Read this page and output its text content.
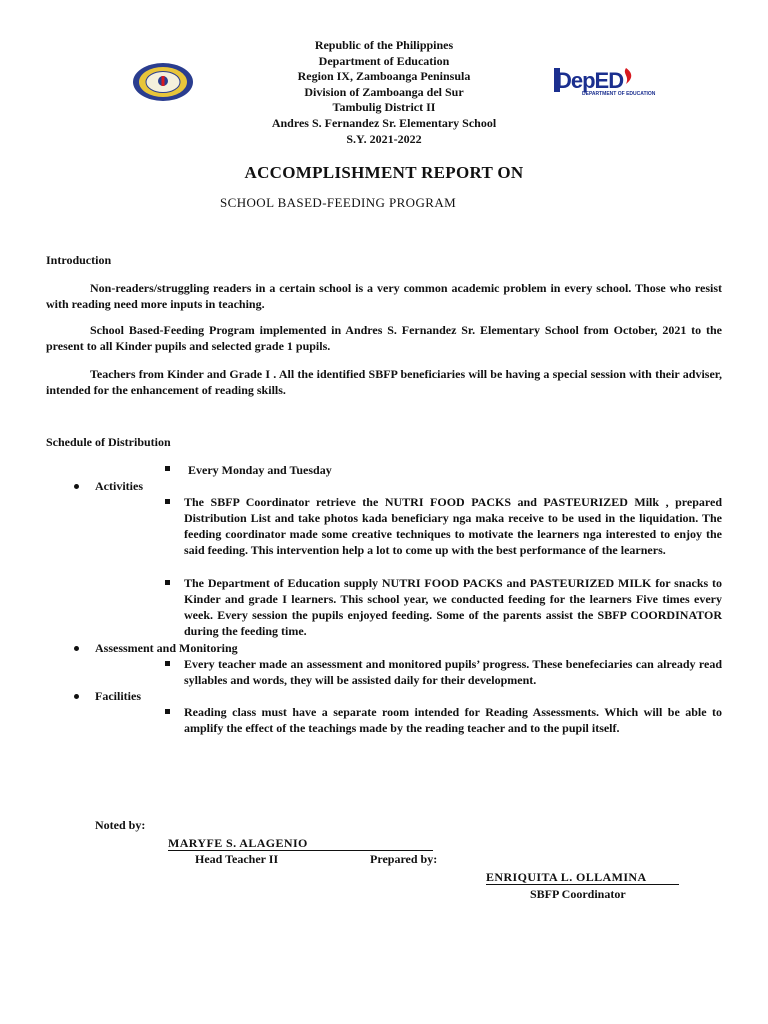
Republic of the Philippines
Department of Education
Region IX, Zamboanga Peninsula
Division of Zamboanga del Sur
Tambulig District II
Andres S. Fernandez Sr. Elementary School
S.Y. 2021-2022
DepED
DEPARTMENT OF EDUCATION
ACCOMPLISHMENT REPORT ON
SCHOOL BASED-FEEDING PROGRAM
Introduction
Non-readers/struggling readers in a certain school is a very common academic problem in every school. Those who resist with reading need more inputs in teaching.
School Based-Feeding Program implemented in Andres S. Fernandez Sr. Elementary School from October, 2021 to the present to all Kinder pupils and selected grade 1 pupils.
Teachers from Kinder and Grade I . All the identified SBFP beneficiaries will be having a special session with their adviser, intended for the enhancement of reading skills.
Schedule of Distribution
Every Monday and Tuesday
Activities
The SBFP Coordinator retrieve the NUTRI FOOD PACKS and PASTEURIZED Milk , prepared Distribution List and take photos kada beneficiary nga maka receive to be used in the liquidation. The feeding coordinator made some creative techniques to motivate the learners nga interested to enjoy the said feeding. This intervention help a lot to come up with the best performance of the learners.
The Department of Education supply NUTRI FOOD PACKS and PASTEURIZED MILK for snacks to Kinder and grade I learners. This school year, we conducted feeding for the learners Five times every week. Every session the pupils enjoyed feeding. Some of the parents assist the SBFP COORDINATOR during the feeding time.
Assessment and Monitoring
Every teacher made an assessment and monitored pupils’ progress. These benefeciaries can already read syllables and words, they will be assisted daily for their development.
Facilities
Reading class must have a separate room intended for Reading Assessments. Which will be able to amplify the effect of the teachings made by the reading teacher and to the pupil itself.
Noted by:
MARYFE S. ALAGENIO
Head Teacher II	Prepared by:
ENRIQUITA L. OLLAMINA
SBFP Coordinator
